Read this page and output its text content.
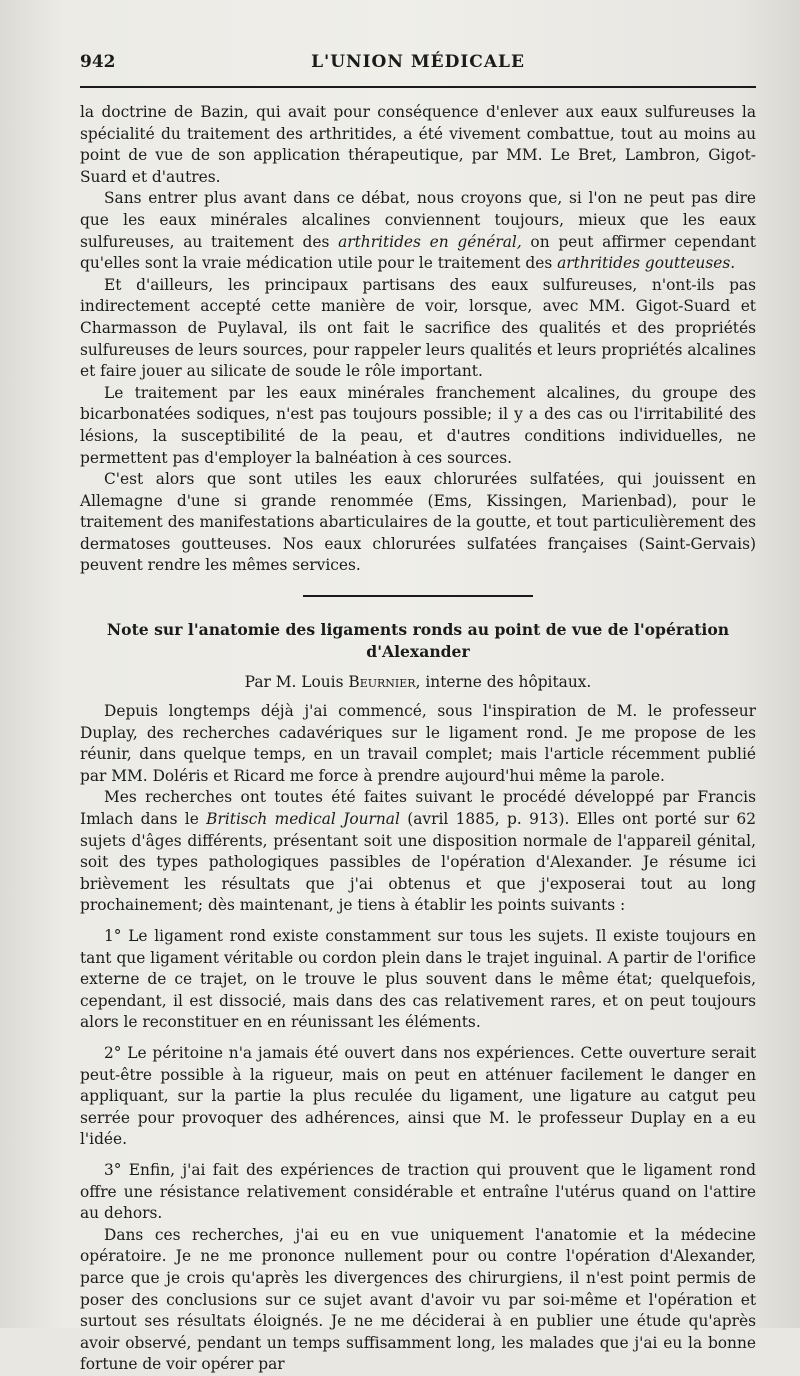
942	L'UNION MÉDICALE

la doctrine de Bazin, qui avait pour conséquence d'enlever aux eaux sulfureuses la spécialité du traitement des arthritides, a été vivement combattue, tout au moins au point de vue de son application thérapeutique, par MM. Le Bret, Lambron, Gigot-Suard et d'autres.

Sans entrer plus avant dans ce débat, nous croyons que, si l'on ne peut pas dire que les eaux minérales alcalines conviennent toujours, mieux que les eaux sulfureuses, au traitement des arthritides en général, on peut affirmer cependant qu'elles sont la vraie médication utile pour le traitement des arthritides goutteuses.

Et d'ailleurs, les principaux partisans des eaux sulfureuses, n'ont-ils pas indirectement accepté cette manière de voir, lorsque, avec MM. Gigot-Suard et Charmasson de Puylaval, ils ont fait le sacrifice des qualités et des propriétés sulfureuses de leurs sources, pour rappeler leurs qualités et leurs propriétés alcalines et faire jouer au silicate de soude le rôle important.

Le traitement par les eaux minérales franchement alcalines, du groupe des bicarbonatées sodiques, n'est pas toujours possible; il y a des cas ou l'irritabilité des lésions, la susceptibilité de la peau, et d'autres conditions individuelles, ne permettent pas d'employer la balnéation à ces sources.

C'est alors que sont utiles les eaux chlorurées sulfatées, qui jouissent en Allemagne d'une si grande renommée (Ems, Kissingen, Marienbad), pour le traitement des manifestations abarticulaires de la goutte, et tout particulièrement des dermatoses goutteuses. Nos eaux chlorurées sulfatées françaises (Saint-Gervais) peuvent rendre les mêmes services.

Note sur l'anatomie des ligaments ronds au point de vue de l'opération
d'Alexander
Par M. Louis Beurnier, interne des hôpitaux.

Depuis longtemps déjà j'ai commencé, sous l'inspiration de M. le professeur Duplay, des recherches cadavériques sur le ligament rond. Je me propose de les réunir, dans quelque temps, en un travail complet; mais l'article récemment publié par MM. Doléris et Ricard me force à prendre aujourd'hui même la parole.

Mes recherches ont toutes été faites suivant le procédé développé par Francis Imlach dans le Britisch medical Journal (avril 1885, p. 913). Elles ont porté sur 62 sujets d'âges différents, présentant soit une disposition normale de l'appareil génital, soit des types pathologiques passibles de l'opération d'Alexander. Je résume ici brièvement les résultats que j'ai obtenus et que j'exposerai tout au long prochainement; dès maintenant, je tiens à établir les points suivants :

1° Le ligament rond existe constamment sur tous les sujets. Il existe toujours en tant que ligament véritable ou cordon plein dans le trajet inguinal. A partir de l'orifice externe de ce trajet, on le trouve le plus souvent dans le même état; quelquefois, cependant, il est dissocié, mais dans des cas relativement rares, et on peut toujours alors le reconstituer en en réunissant les éléments.

2° Le péritoine n'a jamais été ouvert dans nos expériences. Cette ouverture serait peut-être possible à la rigueur, mais on peut en atténuer facilement le danger en appliquant, sur la partie la plus reculée du ligament, une ligature au catgut peu serrée pour provoquer des adhérences, ainsi que M. le professeur Duplay en a eu l'idée.

3° Enfin, j'ai fait des expériences de traction qui prouvent que le ligament rond offre une résistance relativement considérable et entraîne l'utérus quand on l'attire au dehors.

Dans ces recherches, j'ai eu en vue uniquement l'anatomie et la médecine opératoire. Je ne me prononce nullement pour ou contre l'opération d'Alexander, parce que je crois qu'après les divergences des chirurgiens, il n'est point permis de poser des conclusions sur ce sujet avant d'avoir vu par soi-même et l'opération et surtout ses résultats éloignés. Je ne me déciderai à en publier une étude qu'après avoir observé, pendant un temps suffisamment long, les malades que j'ai eu la bonne fortune de voir opérer par
